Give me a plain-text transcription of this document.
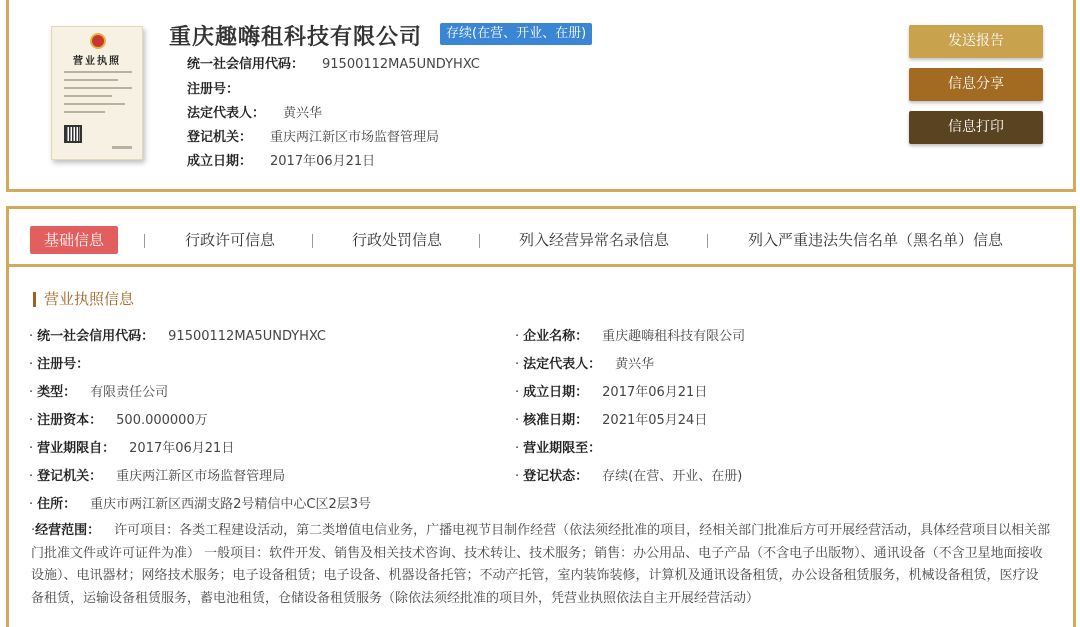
营业执照
重庆趣嗨租科技有限公司	存续(在营、开业、在册)
统一社会信用代码： 91500112MA5UNDYHXC
注册号：
法定代表人： 黄兴华
登记机关： 重庆两江新区市场监督管理局
成立日期： 2017年06月21日
发送报告
信息分享
信息打印
基础信息	行政许可信息	行政处罚信息	列入经营异常名录信息	列入严重违法失信名单（黑名单）信息
营业执照信息
· 统一社会信用代码： 91500112MA5UNDYHXC
· 注册号：
· 类型： 有限责任公司
· 注册资本： 500.000000万
· 营业期限自： 2017年06月21日
· 登记机关： 重庆两江新区市场监督管理局
· 住所： 重庆市两江新区西湖支路2号精信中心C区2层3号
· 企业名称： 重庆趣嗨租科技有限公司
· 法定代表人： 黄兴华
· 成立日期： 2017年06月21日
· 核准日期： 2021年05月24日
· 营业期限至：
· 登记状态： 存续(在营、开业、在册)
·经营范围： 许可项目：各类工程建设活动，第二类增值电信业务，广播电视节目制作经营（依法须经批准的项目，经相关部门批准后方可开展经营活动，具体经营项目以相关部门批准文件或许可证件为准） 一般项目：软件开发、销售及相关技术咨询、技术转让、技术服务；销售：办公用品、电子产品（不含电子出版物）、通讯设备（不含卫星地面接收设施）、电讯器材；网络技术服务；电子设备租赁；电子设备、机器设备托管；不动产托管，室内装饰装修，计算机及通讯设备租赁，办公设备租赁服务，机械设备租赁，医疗设备租赁，运输设备租赁服务，蓄电池租赁，仓储设备租赁服务（除依法须经批准的项目外，凭营业执照依法自主开展经营活动）
